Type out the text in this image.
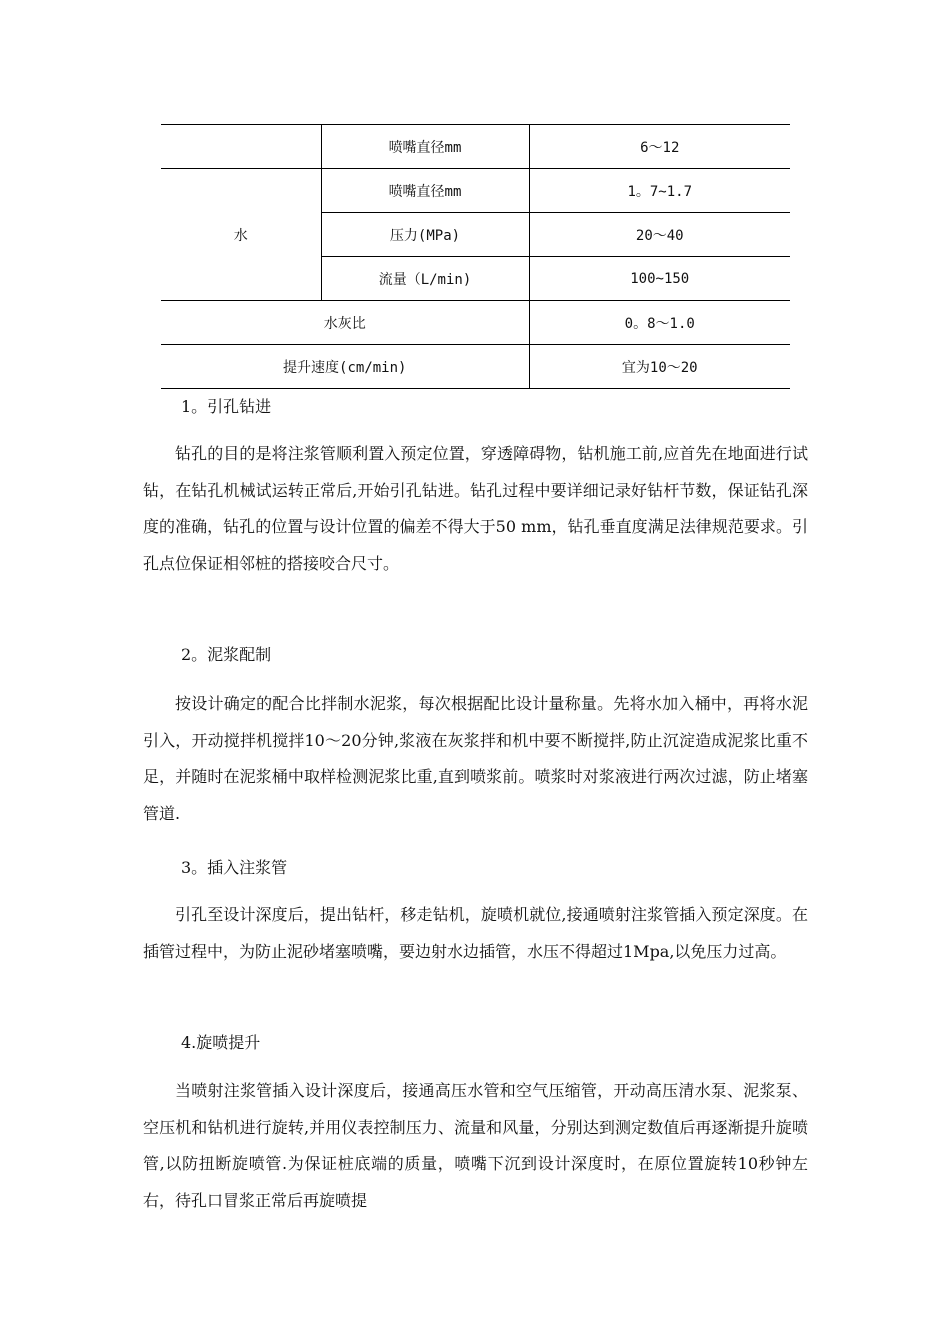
	喷嘴直径mm	6～12
水	喷嘴直径mm	1。7~1.7
	压力(MPa)	20～40
	流量（L/min)	100~150
水灰比		0。8～1.0
提升速度(cm/min)		宜为10～20
1。引孔钻进

钻孔的目的是将注浆管顺利置入预定位置，穿透障碍物，钻机施工前,应首先在地面进行试钻，在钻孔机械试运转正常后,开始引孔钻进。钻孔过程中要详细记录好钻杆节数，保证钻孔深度的准确，钻孔的位置与设计位置的偏差不得大于50 mm，钻孔垂直度满足法律规范要求。引孔点位保证相邻桩的搭接咬合尺寸。

2。泥浆配制

按设计确定的配合比拌制水泥浆，每次根据配比设计量称量。先将水加入桶中，再将水泥引入，开动搅拌机搅拌10～20分钟,浆液在灰浆拌和机中要不断搅拌,防止沉淀造成泥浆比重不足，并随时在泥浆桶中取样检测泥浆比重,直到喷浆前。喷浆时对浆液进行两次过滤，防止堵塞管道.

3。插入注浆管

引孔至设计深度后，提出钻杆，移走钻机，旋喷机就位,接通喷射注浆管插入预定深度。在插管过程中，为防止泥砂堵塞喷嘴，要边射水边插管，水压不得超过1Mpa,以免压力过高。

4.旋喷提升

当喷射注浆管插入设计深度后，接通高压水管和空气压缩管，开动高压清水泵、泥浆泵、空压机和钻机进行旋转,并用仪表控制压力、流量和风量，分别达到测定数值后再逐渐提升旋喷管,以防扭断旋喷管.为保证桩底端的质量，喷嘴下沉到设计深度时，在原位置旋转10秒钟左右，待孔口冒浆正常后再旋喷提
